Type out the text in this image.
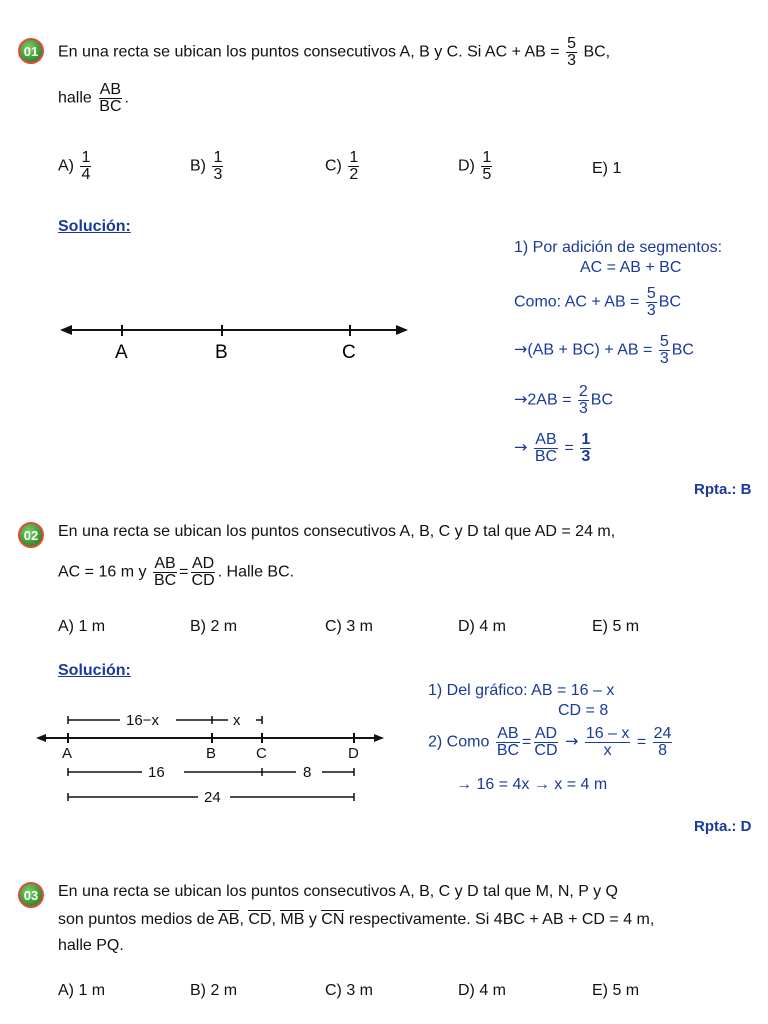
01	En una recta se ubican los puntos consecutivos A, B y C. Si AC + AB = $\frac{5}{3}$ BC,
halle $\frac{AB}{BC}$ .
$A) \frac{1}{4}$	$B) \frac{1}{3}$	$C) \frac{1}{2}$	$D) \frac{1}{5}$	E) 1
Solución:
A	B	C
1) Por adición de segmentos:
AC = AB + BC
Como: AC + AB = $\frac{5}{3}$ BC
→(AB + BC) + AB = $\frac{5}{3}$ BC
$\to 2AB = \frac{2}{3}$ BC
→ $\frac{AB}{BC} = \frac{1}{3}$
Rpta.: B
02	En una recta se ubican los puntos consecutivos A, B, C y D tal que AD = 24 m,
AC = 16 m y $\frac{AB}{BC} = \frac{AD}{CD}$ . Halle BC.
A) 1 m	B) 2 m	C) 3 m	D) 4 m	E) 5 m
Solución:
16−x	x
A	B	C	D
16	8
24
1) Del gráfico: AB = 16 – x
CD = 8
2) Como $\frac{AB}{BC} = \frac{AD}{CD} \to \frac{16 - x}{x} = \frac{24}{8}$
→ 16 = 4x → x = 4 m
Rpta.: D
03	En una recta se ubican los puntos consecutivos A, B, C y D tal que M, N, P y Q
son puntos medios de AB, CD, MB y CN respectivamente. Si 4BC + AB + CD = 4 m,
halle PQ.
A) 1 m	B) 2 m	C) 3 m	D) 4 m	E) 5 m
